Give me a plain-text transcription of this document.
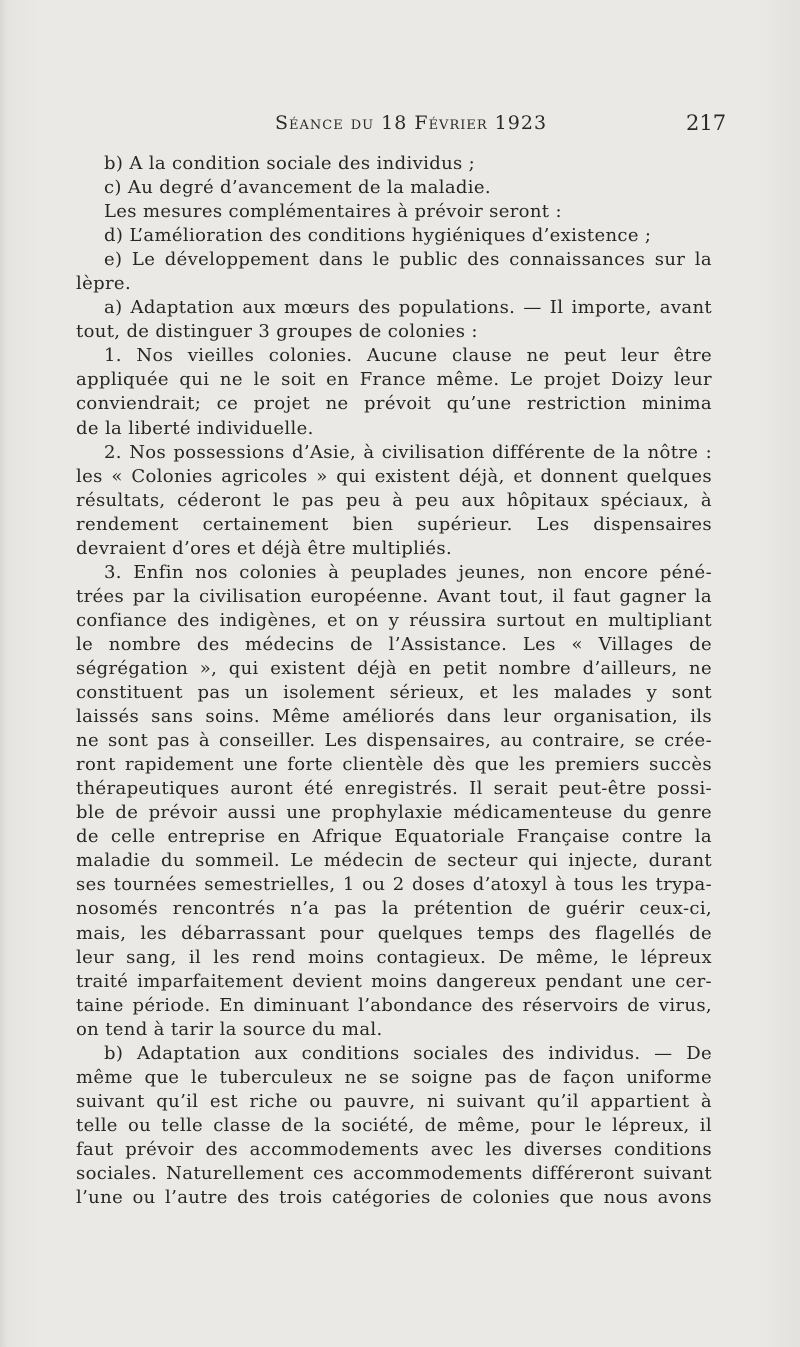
Séance du 18 Février 1923	217
b) A la condition sociale des individus ;
c) Au degré d’avancement de la maladie.
Les mesures complémentaires à prévoir seront :
d) L’amélioration des conditions hygiéniques d’existence ;
e) Le développement dans le public des connaissances sur la
lèpre.
a) Adaptation aux mœurs des populations. — Il importe, avant
tout, de distinguer 3 groupes de colonies :
1. Nos vieilles colonies. Aucune clause ne peut leur être
appliquée qui ne le soit en France même. Le projet Doizy leur
conviendrait; ce projet ne prévoit qu’une restriction minima
de la liberté individuelle.
2. Nos possessions d’Asie, à civilisation différente de la nôtre :
les « Colonies agricoles » qui existent déjà, et donnent quelques
résultats, céderont le pas peu à peu aux hôpitaux spéciaux, à
rendement certainement bien supérieur. Les dispensaires
devraient d’ores et déjà être multipliés.
3. Enfin nos colonies à peuplades jeunes, non encore péné-
trées par la civilisation européenne. Avant tout, il faut gagner la
confiance des indigènes, et on y réussira surtout en multipliant
le nombre des médecins de l’Assistance. Les « Villages de
ségrégation », qui existent déjà en petit nombre d’ailleurs, ne
constituent pas un isolement sérieux, et les malades y sont
laissés sans soins. Même améliorés dans leur organisation, ils
ne sont pas à conseiller. Les dispensaires, au contraire, se crée-
ront rapidement une forte clientèle dès que les premiers succès
thérapeutiques auront été enregistrés. Il serait peut-être possi-
ble de prévoir aussi une prophylaxie médicamenteuse du genre
de celle entreprise en Afrique Equatoriale Française contre la
maladie du sommeil. Le médecin de secteur qui injecte, durant
ses tournées semestrielles, 1 ou 2 doses d’atoxyl à tous les trypa-
nosomés rencontrés n’a pas la prétention de guérir ceux-ci,
mais, les débarrassant pour quelques temps des flagellés de
leur sang, il les rend moins contagieux. De même, le lépreux
traité imparfaitement devient moins dangereux pendant une cer-
taine période. En diminuant l’abondance des réservoirs de virus,
on tend à tarir la source du mal.
b) Adaptation aux conditions sociales des individus. — De
même que le tuberculeux ne se soigne pas de façon uniforme
suivant qu’il est riche ou pauvre, ni suivant qu’il appartient à
telle ou telle classe de la société, de même, pour le lépreux, il
faut prévoir des accommodements avec les diverses conditions
sociales. Naturellement ces accommodements différeront suivant
l’une ou l’autre des trois catégories de colonies que nous avons
